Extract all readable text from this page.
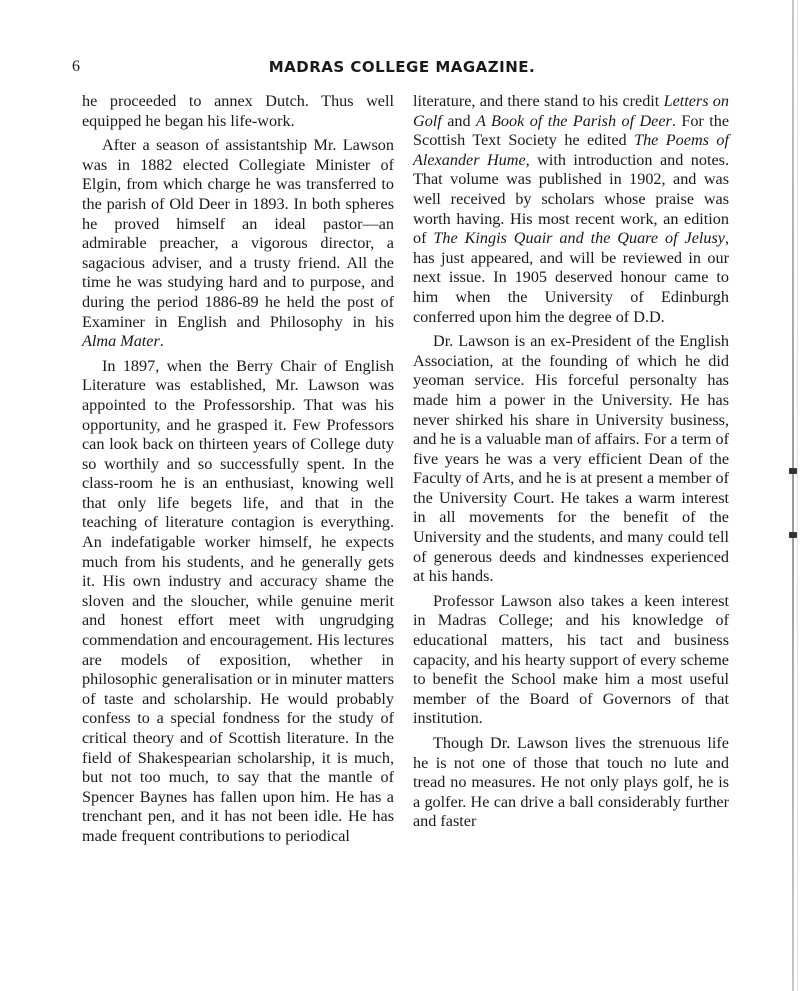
6	MADRAS COLLEGE MAGAZINE.

he proceeded to annex Dutch. Thus well equipped he began his life-work.

After a season of assistantship Mr. Lawson was in 1882 elected Collegiate Minister of Elgin, from which charge he was transferred to the parish of Old Deer in 1893. In both spheres he proved himself an ideal pastor—an admirable preacher, a vigorous director, a sagacious adviser, and a trusty friend. All the time he was studying hard and to purpose, and during the period 1886-89 he held the post of Examiner in English and Philosophy in his Alma Mater.

In 1897, when the Berry Chair of English Literature was established, Mr. Lawson was appointed to the Professorship. That was his opportunity, and he grasped it. Few Professors can look back on thirteen years of College duty so worthily and so successfully spent. In the class-room he is an enthusiast, knowing well that only life begets life, and that in the teaching of literature contagion is everything. An indefatigable worker himself, he expects much from his students, and he generally gets it. His own industry and accuracy shame the sloven and the sloucher, while genuine merit and honest effort meet with ungrudging commendation and encouragement. His lectures are models of exposition, whether in philosophic generalisation or in minuter matters of taste and scholarship. He would probably confess to a special fondness for the study of critical theory and of Scottish literature. In the field of Shakespearian scholarship, it is much, but not too much, to say that the mantle of Spencer Baynes has fallen upon him. He has a trenchant pen, and it has not been idle. He has made frequent contributions to periodical

literature, and there stand to his credit Letters on Golf and A Book of the Parish of Deer. For the Scottish Text Society he edited The Poems of Alexander Hume, with introduction and notes. That volume was published in 1902, and was well received by scholars whose praise was worth having. His most recent work, an edition of The Kingis Quair and the Quare of Jelusy, has just appeared, and will be reviewed in our next issue. In 1905 deserved honour came to him when the University of Edinburgh conferred upon him the degree of D.D.

Dr. Lawson is an ex-President of the English Association, at the founding of which he did yeoman service. His forceful personalty has made him a power in the University. He has never shirked his share in University business, and he is a valuable man of affairs. For a term of five years he was a very efficient Dean of the Faculty of Arts, and he is at present a member of the University Court. He takes a warm interest in all movements for the benefit of the University and the students, and many could tell of generous deeds and kindnesses experienced at his hands.

Professor Lawson also takes a keen interest in Madras College; and his knowledge of educational matters, his tact and business capacity, and his hearty support of every scheme to benefit the School make him a most useful member of the Board of Governors of that institution.

Though Dr. Lawson lives the strenuous life he is not one of those that touch no lute and tread no measures. He not only plays golf, he is a golfer. He can drive a ball considerably further and faster
